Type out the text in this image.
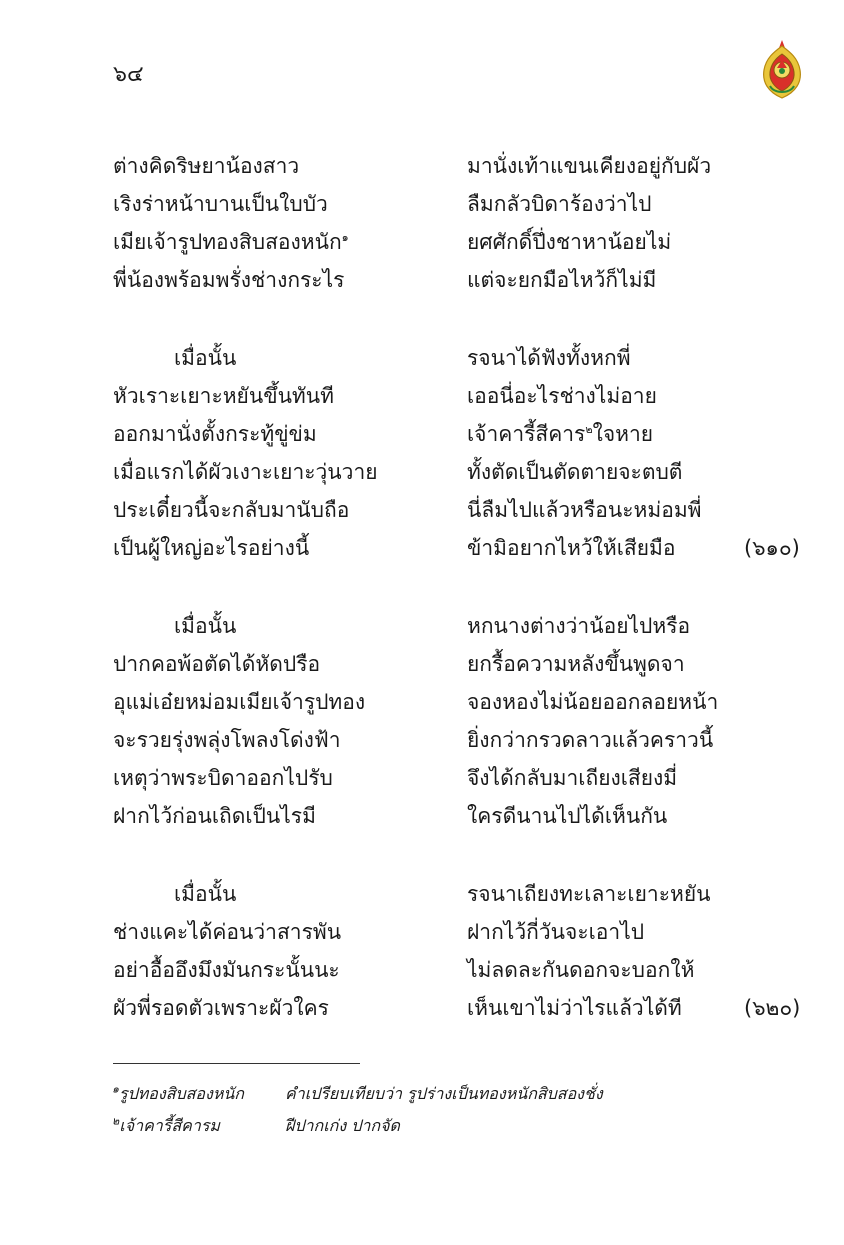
๖๔
ต่างคิดริษยาน้องสาว	มานั่งเท้าแขนเคียงอยู่กับผัว
เริงร่าหน้าบานเป็นใบบัว	ลืมกลัวบิดาร้องว่าไป
เมียเจ้ารูปทองสิบสองหนัก$^๑$	ยศศักดิ์ปึ่งชาหาน้อยไม่
พี่น้องพร้อมพรั่งช่างกระไร	แต่จะยกมือไหว้ก็ไม่มี
เมื่อนั้น	รจนาได้ฟังทั้งหกพี่
หัวเราะเยาะหยันขึ้นทันที	เออนี่อะไรช่างไม่อาย
ออกมานั่งตั้งกระทู้ขู่ข่ม	เจ้าคารี้สีคาร$^๒$ใจหาย
เมื่อแรกได้ผัวเงาะเยาะวุ่นวาย	ทั้งตัดเป็นตัดตายจะตบตี
ประเดี๋ยวนี้จะกลับมานับถือ	นี่ลืมไปแล้วหรือนะหม่อมพี่
เป็นผู้ใหญ่อะไรอย่างนี้	ข้ามิอยากไหว้ให้เสียมือ	(๖๑๐)
เมื่อนั้น	หกนางต่างว่าน้อยไปหรือ
ปากคอพ้อตัดได้หัดปรือ	ยกรื้อความหลังขึ้นพูดจา
อุแม่เอ๋ยหม่อมเมียเจ้ารูปทอง	จองหองไม่น้อยออกลอยหน้า
จะรวยรุ่งพลุ่งโพลงโด่งฟ้า	ยิ่งกว่ากรวดลาวแล้วคราวนี้
เหตุว่าพระบิดาออกไปรับ	จึงได้กลับมาเถียงเสียงมี่
ฝากไว้ก่อนเถิดเป็นไรมี	ใครดีนานไปได้เห็นกัน
เมื่อนั้น	รจนาเถียงทะเลาะเยาะหยัน
ช่างแคะได้ค่อนว่าสารพัน	ฝากไว้กี่วันจะเอาไป
อย่าอื้ออึงมึงมันกระนั้นนะ	ไม่ลดละกันดอกจะบอกให้
ผัวพี่รอดตัวเพราะผัวใคร	เห็นเขาไม่ว่าไรแล้วได้ที	(๖๒๐)
$^๑$รูปทองสิบสองหนัก	คำเปรียบเทียบว่า รูปร่างเป็นทองหนักสิบสองชั่ง
$^๒$เจ้าคารี้สีคารม	ฝีปากเก่ง ปากจัด
